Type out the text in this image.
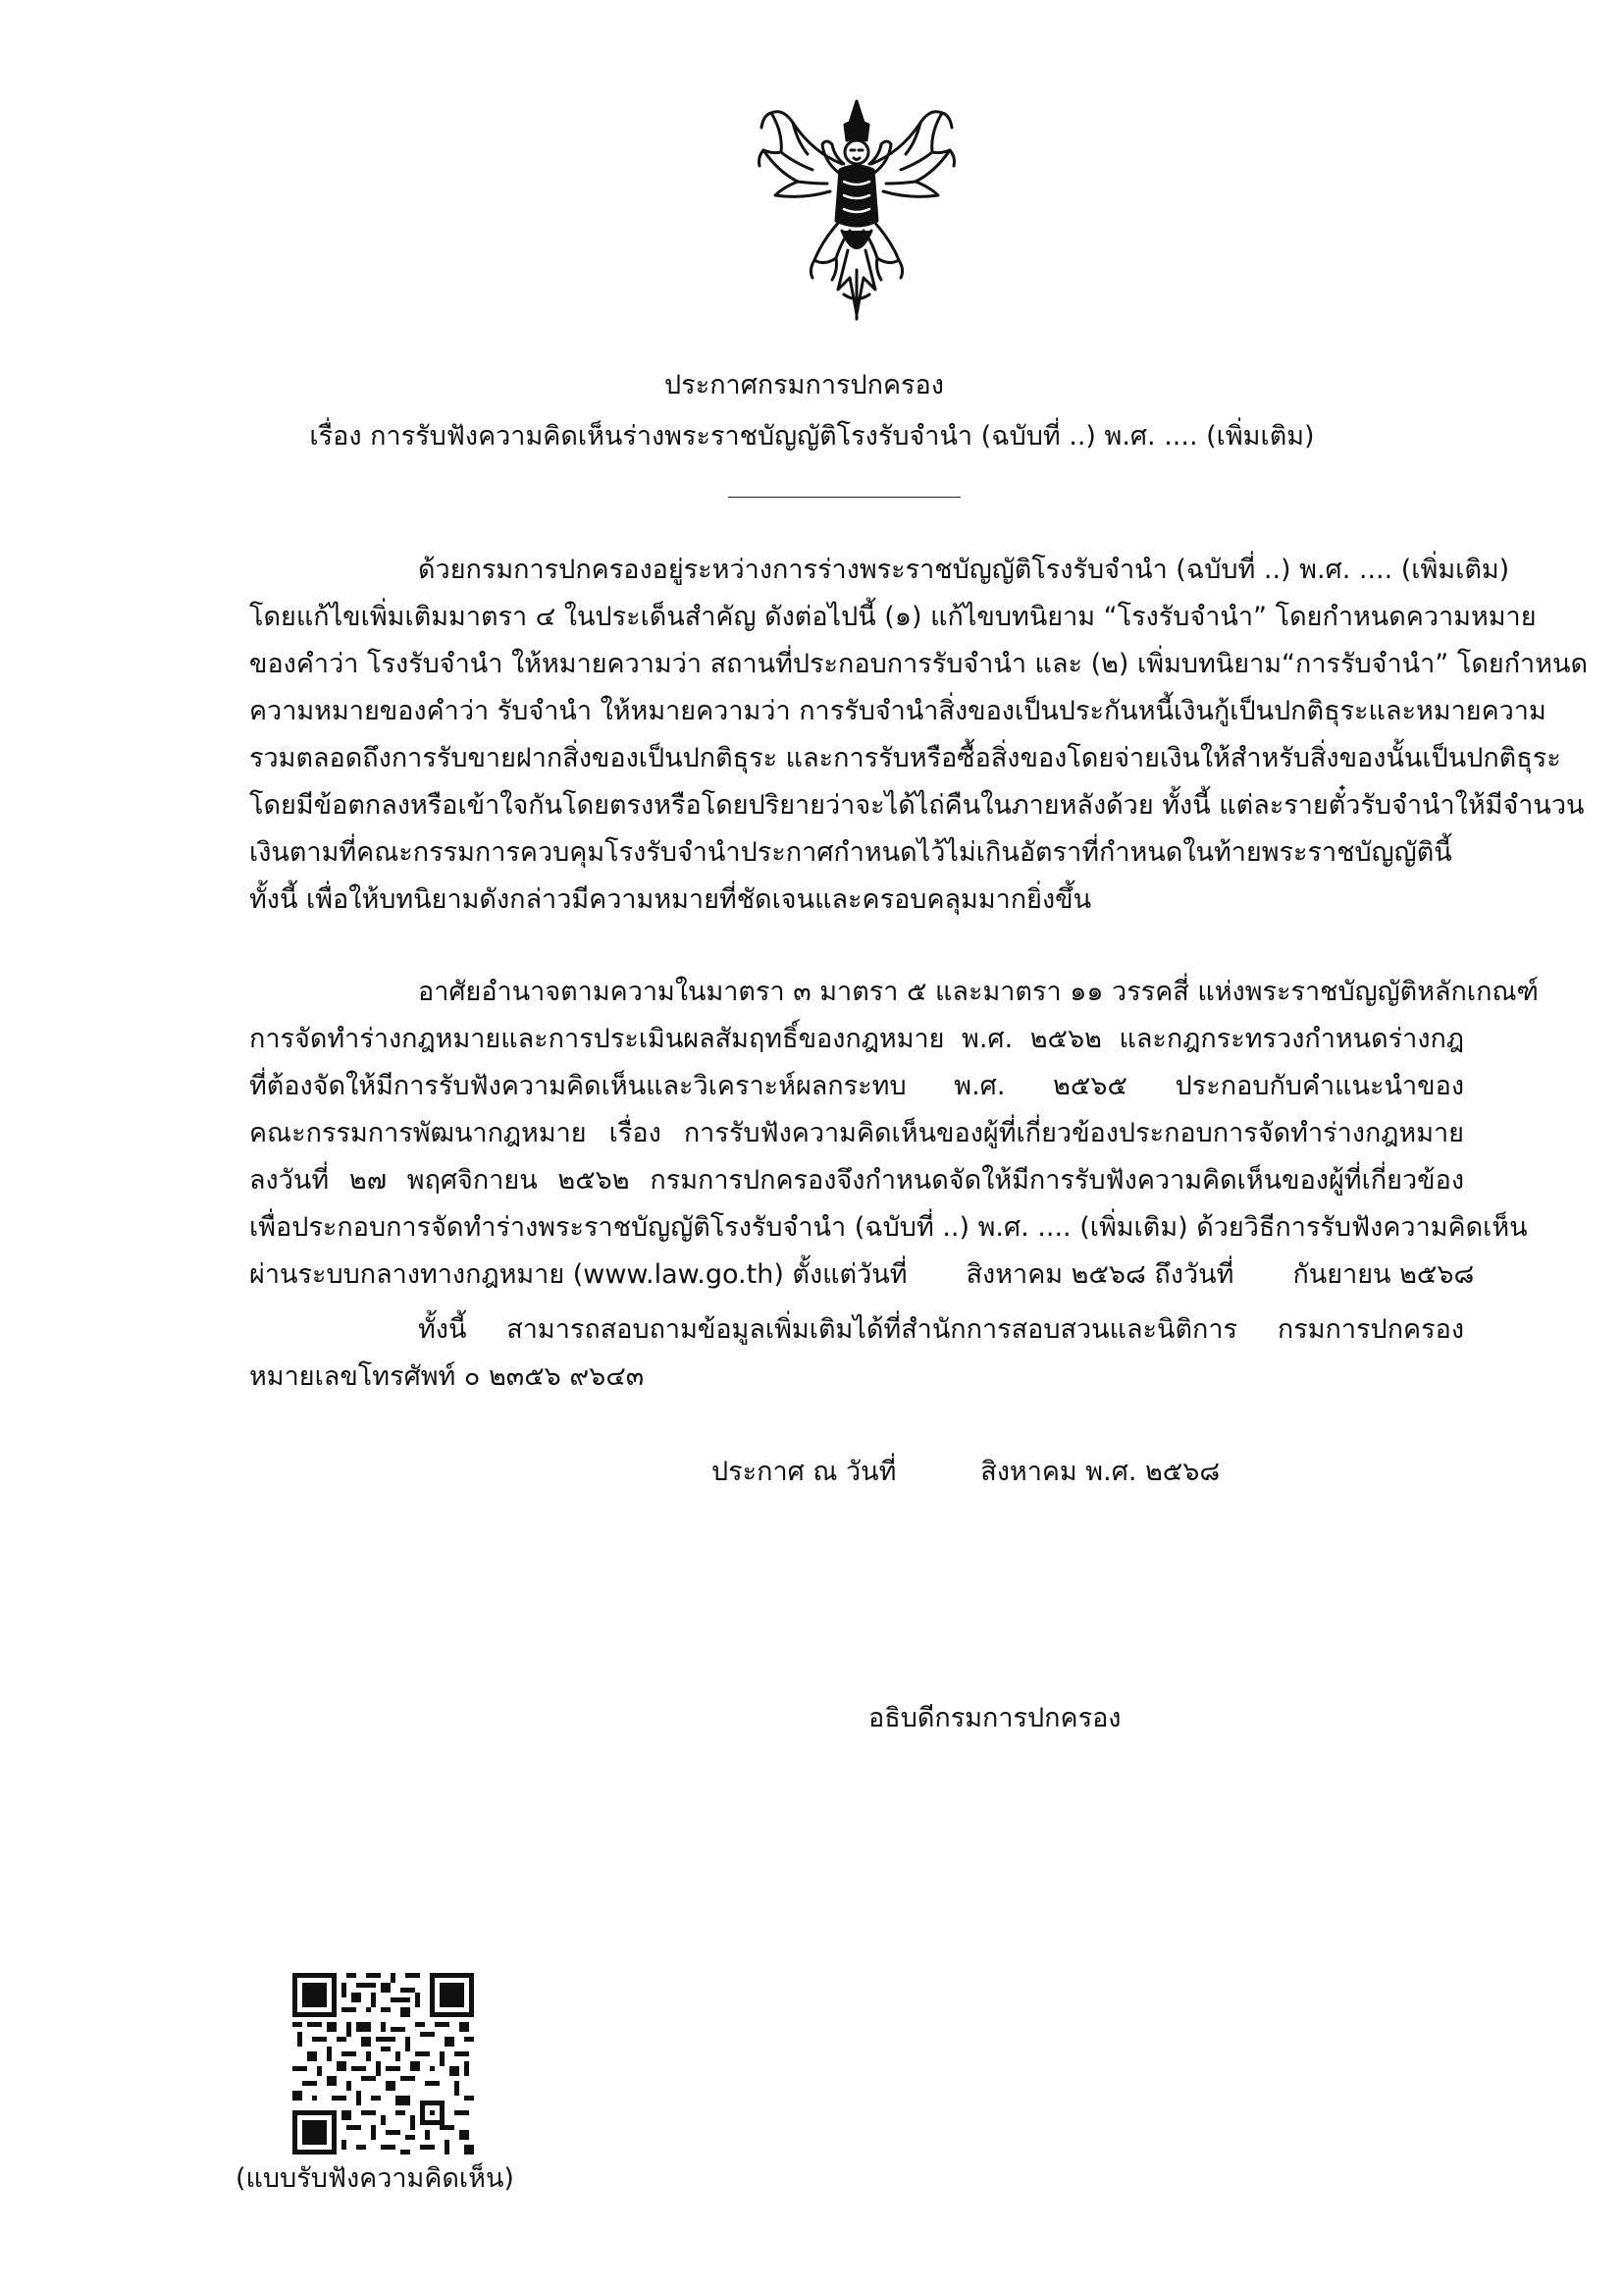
ประกาศกรมการปกครอง
เรื่อง การรับฟังความคิดเห็นร่างพระราชบัญญัติโรงรับจำนำ (ฉบับที่ ..) พ.ศ. .... (เพิ่มเติม)
ด้วยกรมการปกครองอยู่ระหว่างการร่างพระราชบัญญัติโรงรับจำนำ (ฉบับที่ ..) พ.ศ. .... (เพิ่มเติม)
โดยแก้ไขเพิ่มเติมมาตรา ๔ ในประเด็นสำคัญ ดังต่อไปนี้ (๑) แก้ไขบทนิยาม “โรงรับจำนำ” โดยกำหนดความหมาย
ของคำว่า โรงรับจำนำ ให้หมายความว่า สถานที่ประกอบการรับจำนำ และ (๒) เพิ่มบทนิยาม“การรับจำนำ” โดยกำหนด
ความหมายของคำว่า รับจำนำ ให้หมายความว่า การรับจำนำสิ่งของเป็นประกันหนี้เงินกู้เป็นปกติธุระและหมายความ
รวมตลอดถึงการรับขายฝากสิ่งของเป็นปกติธุระ และการรับหรือซื้อสิ่งของโดยจ่ายเงินให้สำหรับสิ่งของนั้นเป็นปกติธุระ
โดยมีข้อตกลงหรือเข้าใจกันโดยตรงหรือโดยปริยายว่าจะได้ไถ่คืนในภายหลังด้วย ทั้งนี้ แต่ละรายตั๋วรับจำนำให้มีจำนวน
เงินตามที่คณะกรรมการควบคุมโรงรับจำนำประกาศกำหนดไว้ไม่เกินอัตราที่กำหนดในท้ายพระราชบัญญัตินี้
ทั้งนี้ เพื่อให้บทนิยามดังกล่าวมีความหมายที่ชัดเจนและครอบคลุมมากยิ่งขึ้น
อาศัยอำนาจตามความในมาตรา ๓ มาตรา ๕ และมาตรา ๑๑ วรรคสี่ แห่งพระราชบัญญัติหลักเกณฑ์
การจัดทำร่างกฎหมายและการประเมินผลสัมฤทธิ์ของกฎหมาย พ.ศ. ๒๕๖๒ และกฎกระทรวงกำหนดร่างกฎ
ที่ต้องจัดให้มีการรับฟังความคิดเห็นและวิเคราะห์ผลกระทบ พ.ศ. ๒๕๖๕ ประกอบกับคำแนะนำของ
คณะกรรมการพัฒนากฎหมาย เรื่อง การรับฟังความคิดเห็นของผู้ที่เกี่ยวข้องประกอบการจัดทำร่างกฎหมาย
ลงวันที่ ๒๗ พฤศจิกายน ๒๕๖๒ กรมการปกครองจึงกำหนดจัดให้มีการรับฟังความคิดเห็นของผู้ที่เกี่ยวข้อง
เพื่อประกอบการจัดทำร่างพระราชบัญญัติโรงรับจำนำ (ฉบับที่ ..) พ.ศ. .... (เพิ่มเติม) ด้วยวิธีการรับฟังความคิดเห็น
ผ่านระบบกลางทางกฎหมาย (www.law.go.th) ตั้งแต่วันที่       สิงหาคม ๒๕๖๘ ถึงวันที่       กันยายน ๒๕๖๘
ทั้งนี้ สามารถสอบถามข้อมูลเพิ่มเติมได้ที่สำนักการสอบสวนและนิติการ กรมการปกครอง
หมายเลขโทรศัพท์ ๐ ๒๓๕๖ ๙๖๔๓
ประกาศ ณ วันที่          สิงหาคม พ.ศ. ๒๕๖๘
อธิบดีกรมการปกครอง
(แบบรับฟังความคิดเห็น)
